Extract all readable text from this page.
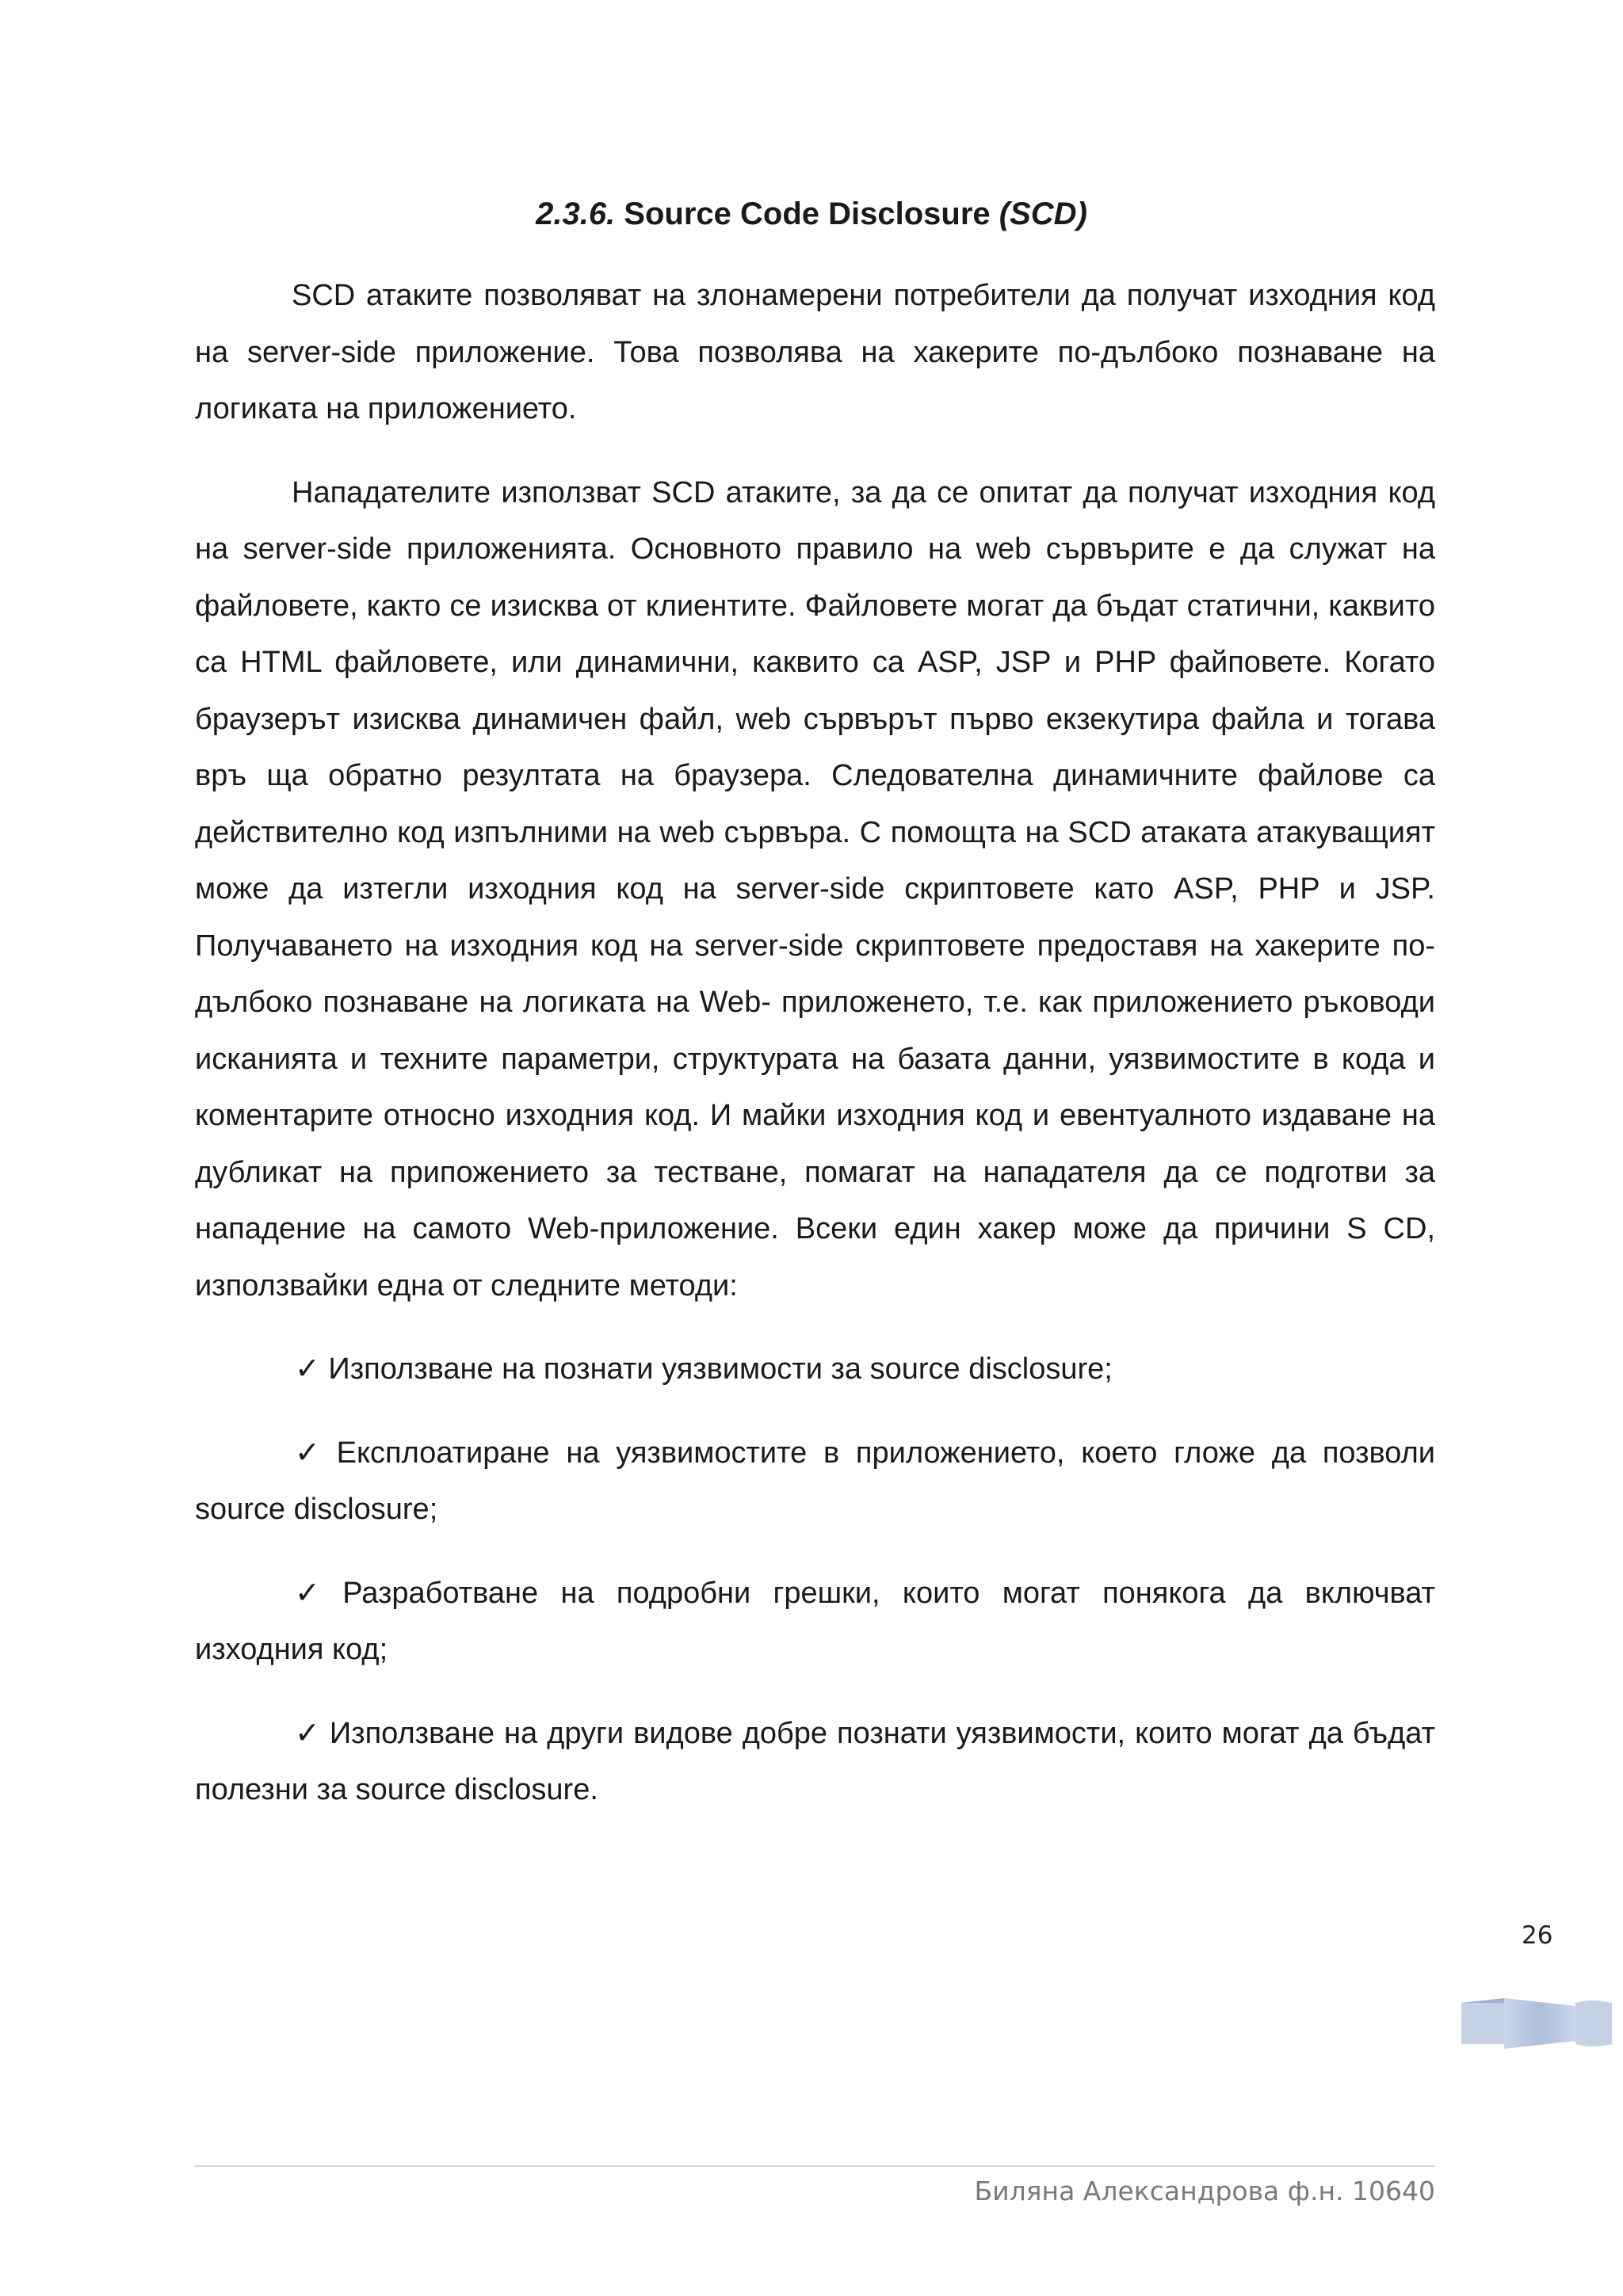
2.3.6. Source Code Disclosure (SCD)

SCD атаките позволяват на злонамерени потребители да получат изходния код на server-side приложение. Това позволява на хакерите по-дълбоко познаване на логиката на приложението.

Нападателите използват SCD атаките, за да се опитат да получат изходния код на server-side приложенията. Основното правило на web сървърите е да служат на файловете, както се изисква от клиентите. Файловете могат да бъдат статични, каквито са HTML файловете, или динамични, каквито са ASP, JSP и PHP файповете. Когато браузерът изисква динамичен файл, web сървърът първо екзекутира файла и тогава връ ща обратно резултата на браузера. Следователна динамичните файлове са действително код изпълними на web сървъра. С помощта на SCD атаката атакуващият може да изтегли изходния код на server-side скриптовете като ASP, PHP и JSP. Получаването на изходния код на server-side скриптовете предоставя на хакерите по-дълбоко познаване на логиката на Web- приложенето, т.е. как приложението ръководи исканията и техните параметри, структурата на базата данни, уязвимостите в кода и коментарите относно изходния код. И майки изходния код и евентуалното издаване на дубликат на припожението за тестване, помагат на нападателя да се подготви за нападение на самото Web-приложение. Всеки един хакер може да причини S CD, използвайки една от следните методи:

✓ Използване на познати уязвимости за source disclosure;

✓ Експлоатиране на уязвимостите в приложението, което гложе да позволи source disclosure;

✓ Разработване на подробни грешки, които могат понякога да включват изходния код;

✓ Използване на други видове добре познати уязвимости, които могат да бъдат полезни за source disclosure.

26
Биляна Александрова ф.н. 10640
